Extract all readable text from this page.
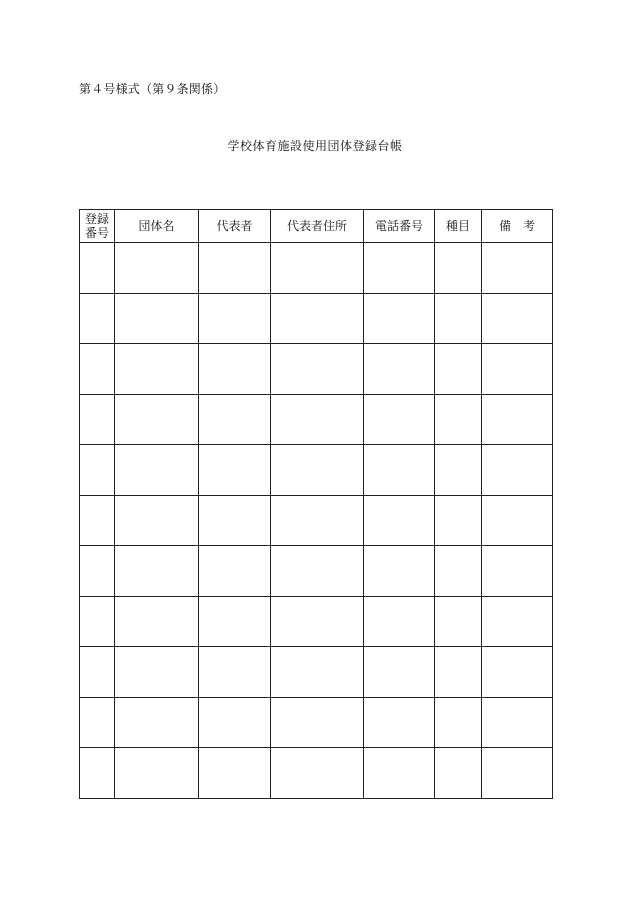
第４号様式（第９条関係）
学校体育施設使用団体登録台帳
登録
番号	団体名	代表者	代表者住所	電話番号	種目	備考
